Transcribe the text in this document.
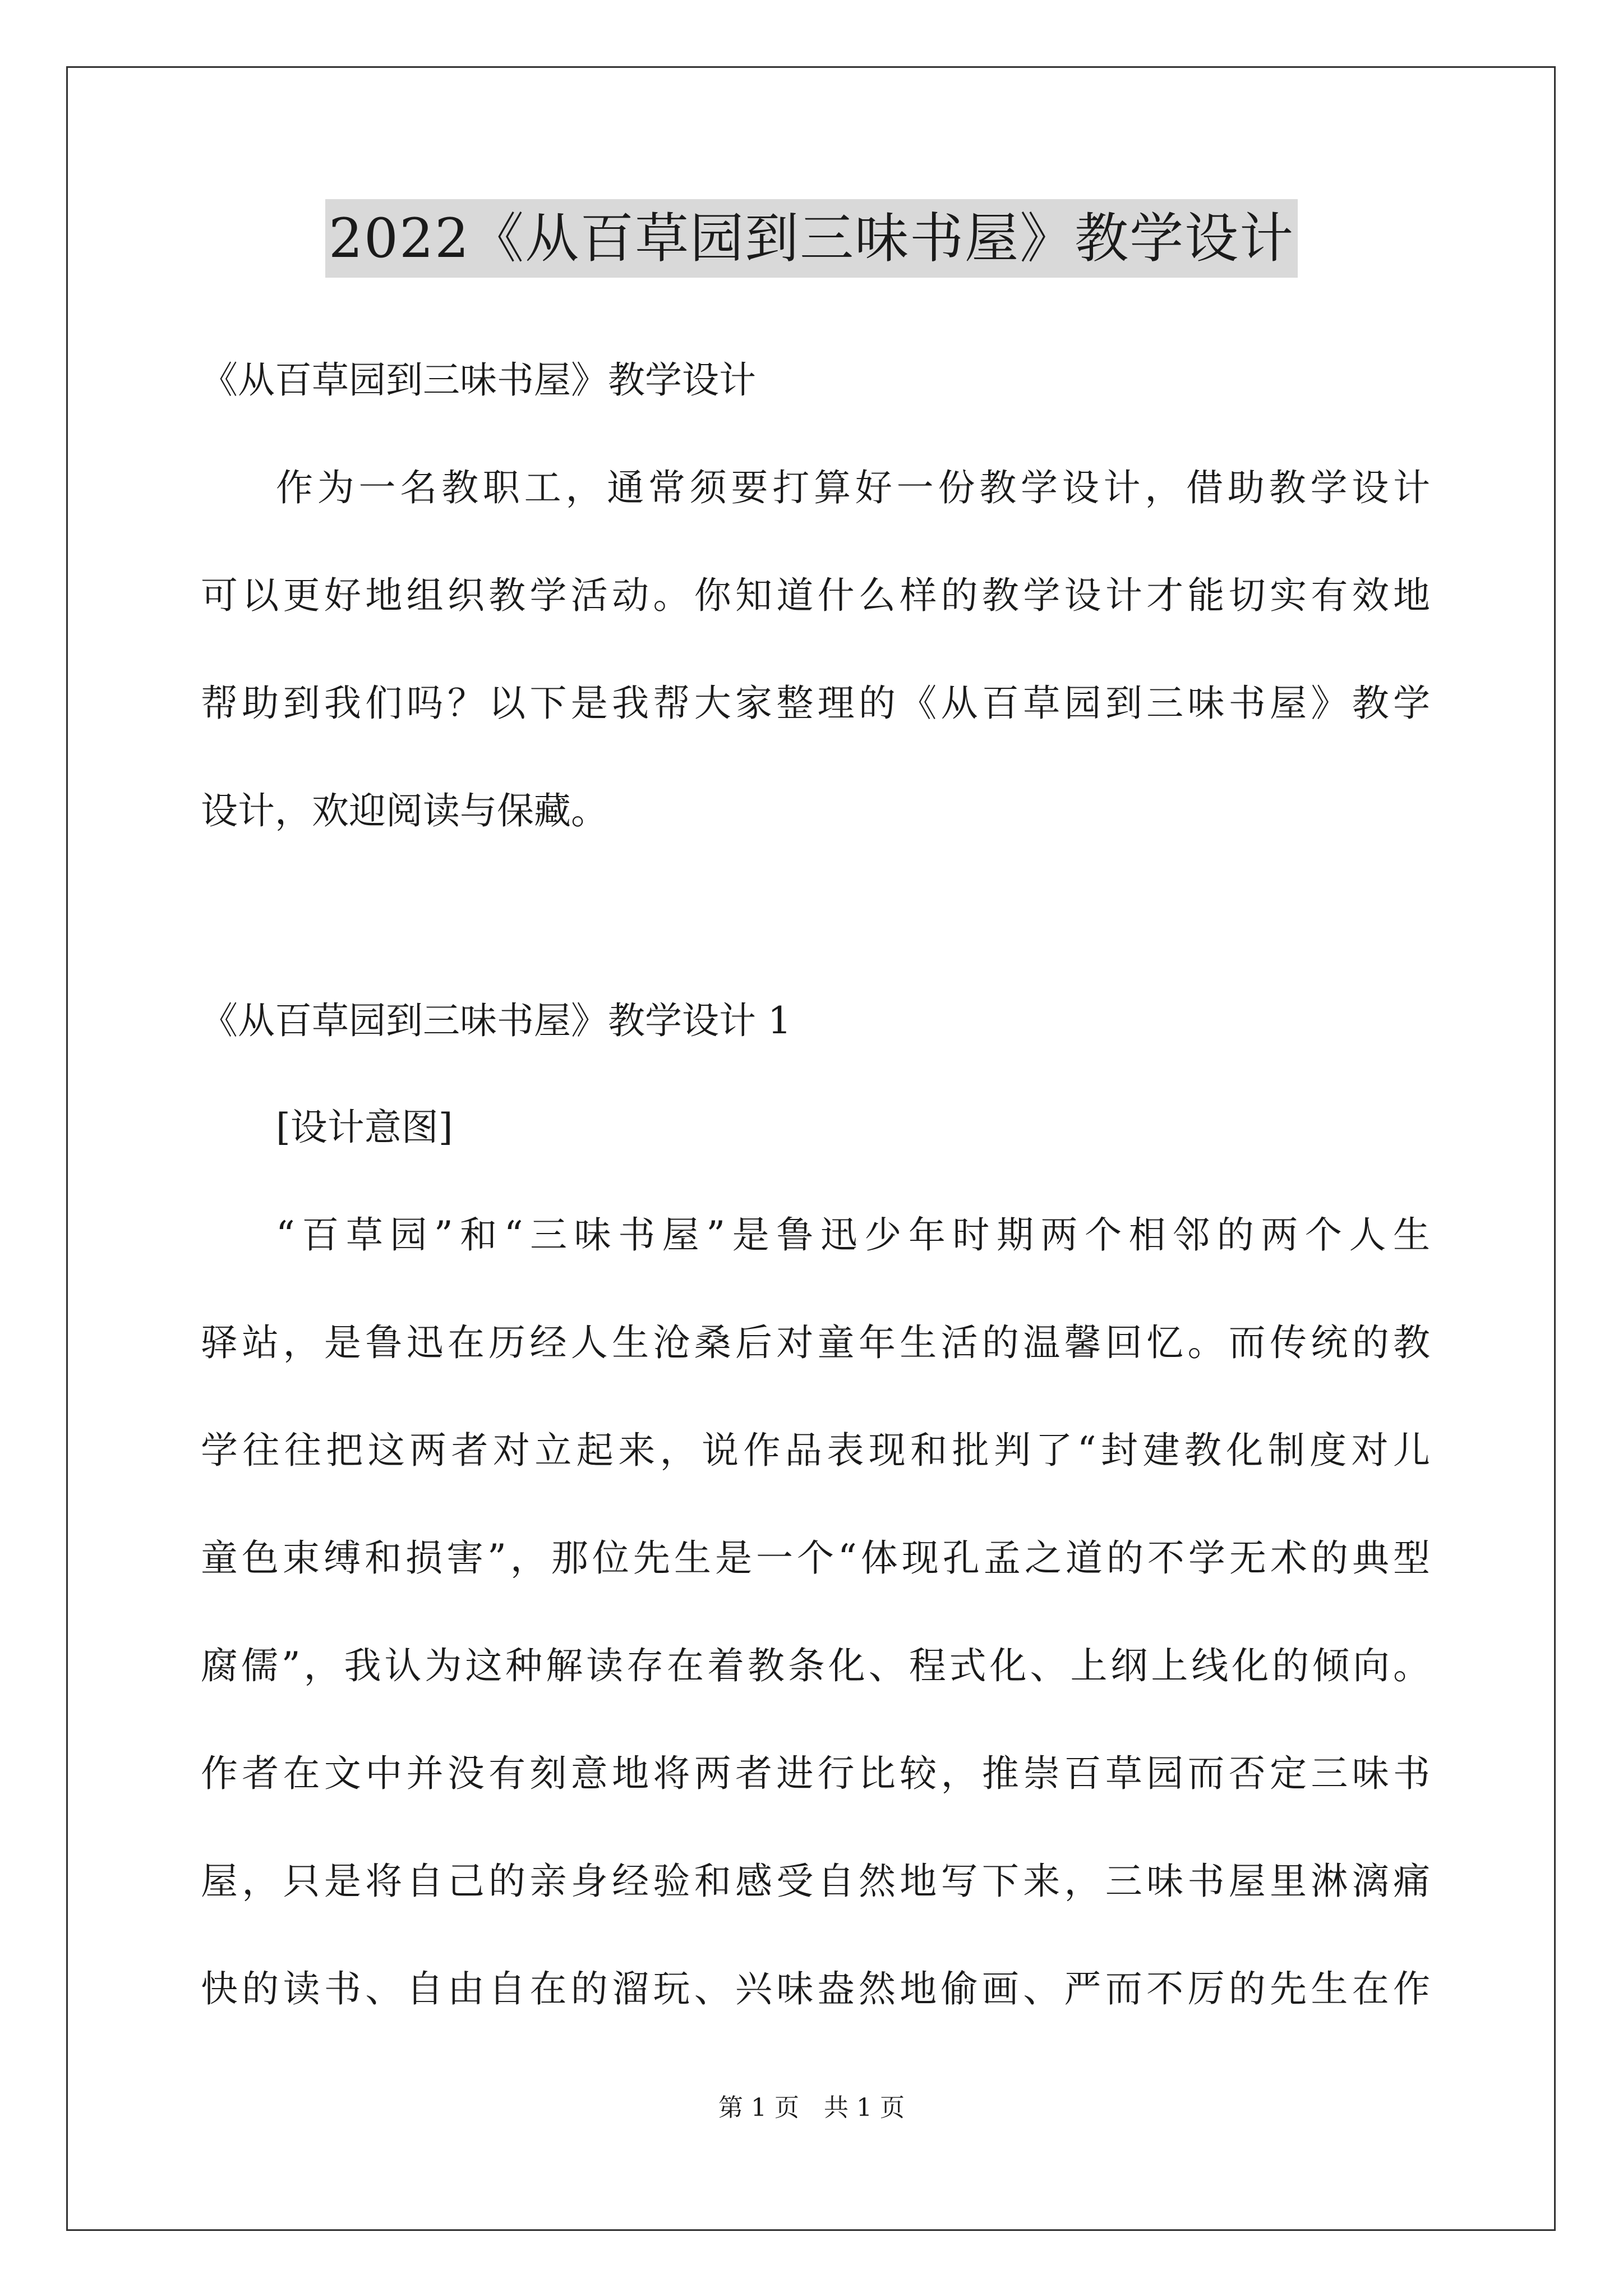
2022《从百草园到三味书屋》教学设计

《从百草园到三味书屋》教学设计

作为一名教职工，通常须要打算好一份教学设计，借助教学设计

可以更好地组织教学活动。你知道什么样的教学设计才能切实有效地

帮助到我们吗？以下是我帮大家整理的《从百草园到三味书屋》教学

设计，欢迎阅读与保藏。

《从百草园到三味书屋》教学设计 1

[设计意图]

“百草园”和“三味书屋”是鲁迅少年时期两个相邻的两个人生

驿站，是鲁迅在历经人生沧桑后对童年生活的温馨回忆。而传统的教

学往往把这两者对立起来，说作品表现和批判了“封建教化制度对儿

童色束缚和损害”，那位先生是一个“体现孔孟之道的不学无术的典型

腐儒”，我认为这种解读存在着教条化、程式化、上纲上线化的倾向。

作者在文中并没有刻意地将两者进行比较，推崇百草园而否定三味书

屋，只是将自己的亲身经验和感受自然地写下来，三味书屋里淋漓痛

快的读书、自由自在的溜玩、兴味盎然地偷画、严而不厉的先生在作

第 1 页　共 1 页
